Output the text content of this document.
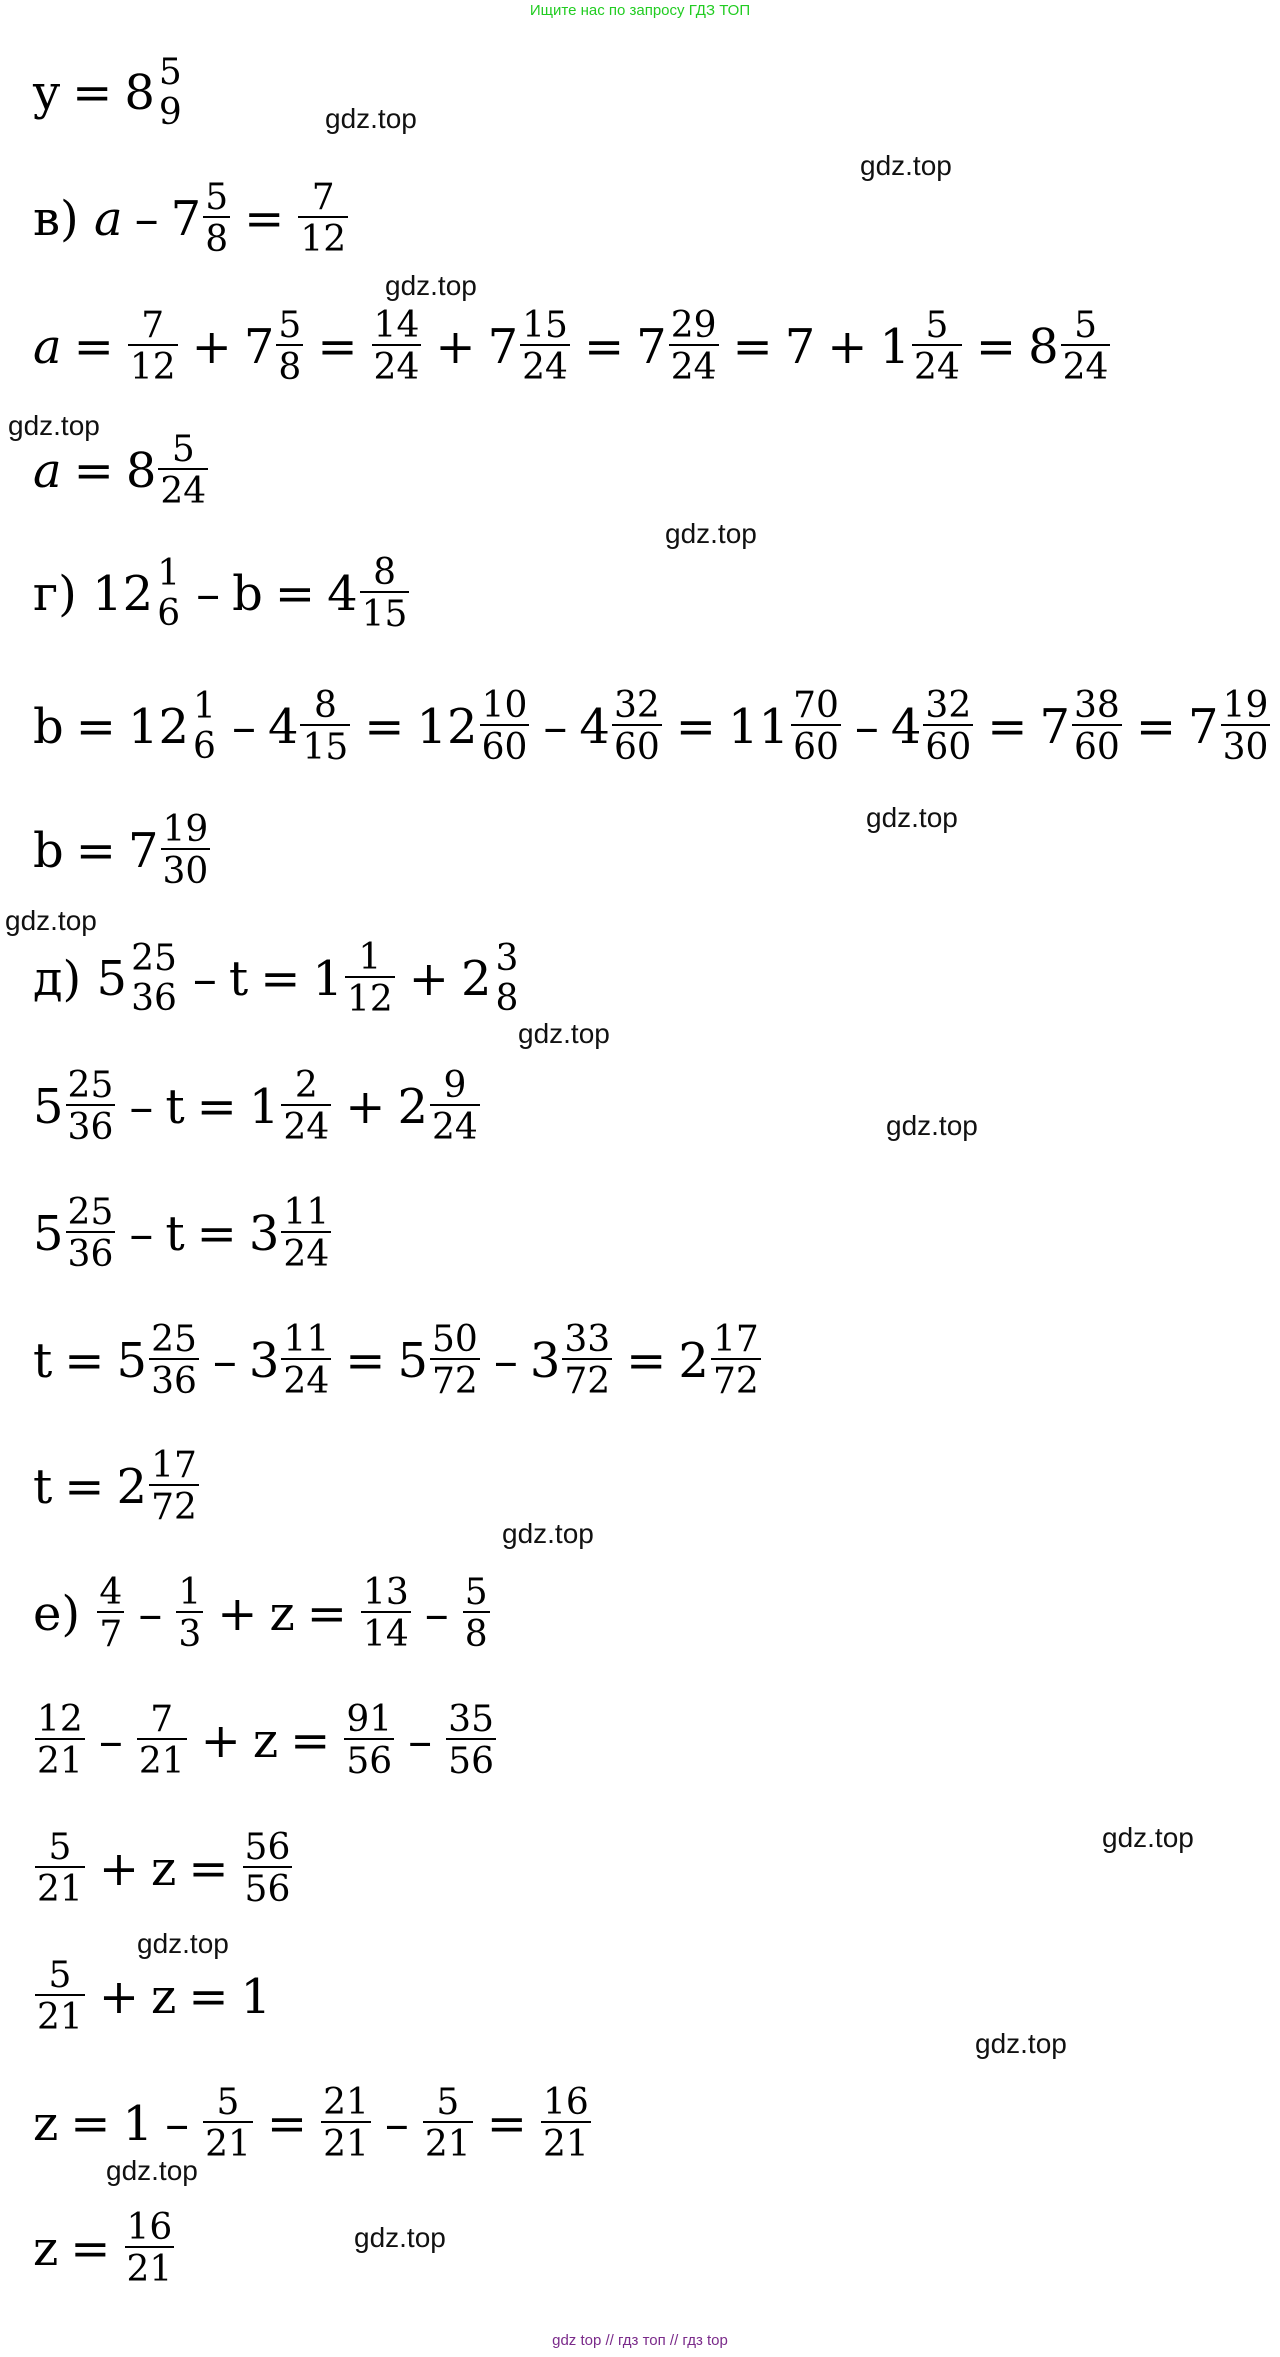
Ищите нас по запросу ГДЗ ТОП
gdz.top
gdz.top
gdz.top
gdz.top
gdz.top
gdz.top
gdz.top
gdz.top
gdz.top
gdz.top
gdz.top
gdz.top
gdz.top
gdz.top
gdz.top
y = 8 5
9
в)
$a - 7 \frac{5}{8} = \frac{7}{12}$
$a = \frac{7}{12} + 7 \frac{5}{8} = \frac{14}{24} + 7 \frac{15}{24} = 7 \frac{29}{24} = 7 + 1 \frac{5}{24} = 8$ 5
24
a = 8 5
24
г)
12 1
6 – b = 4 8
15
b = 12 1
$6 - 4 \frac{8}{15} = 12$ 10
$60 - 4 \frac{32}{60} = 11$ 70
$60 - 4 \frac{32}{60} = 7 \frac{38}{60} = 7$ 19
30
b = 7 19
30
д)
5 25
36 – t = 1 1
12 + 2 3
8
5 25
36 – t = 1 2
24 + 2 9
24
5 25
36 – t = 3 11
24
t = 5 25
$36 - 3 \frac{11}{24} = 5$ 50
$72 - 3 \frac{33}{72} = 2$ 17
72
t = 2 17
72
е)
4
7 – 1
$3 + z = \frac{13}{14} - 5$
8
12
21 – 7
$21 + z = \frac{91}{56} - 35$
56
5
$21 + z = \frac{56}{56}$
5
21 + z = 1
$z = 1 - \frac{5}{21} = \frac{21}{21} - \frac{5}{21} = \frac{16}{21}$
$z = \frac{16}{21}$
gdz top // гдз топ // гдз top
